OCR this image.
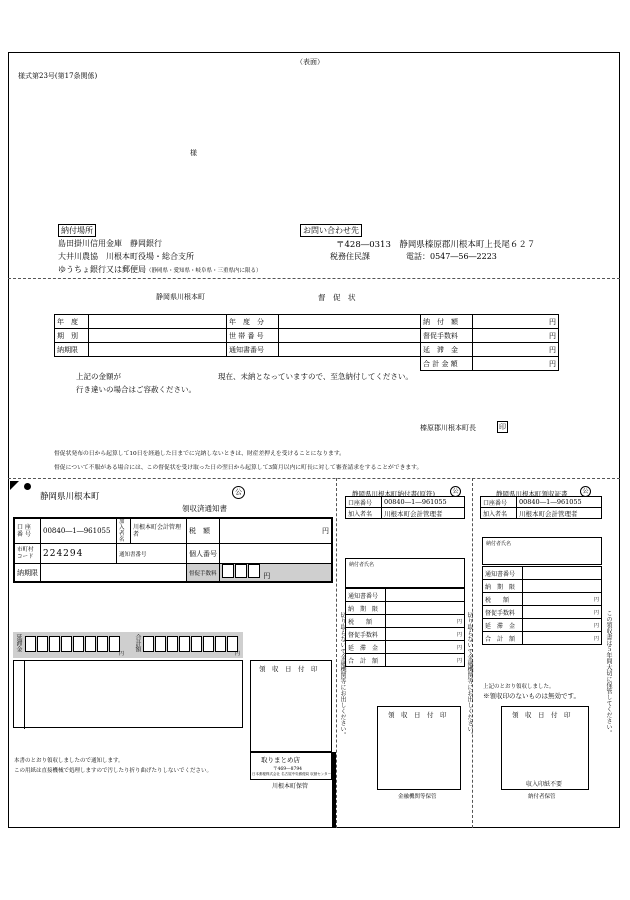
（表面）
様式第23号(第17条関係)
様
納付場所
島田掛川信用金庫　静岡銀行
大井川農協　川根本町役場・総合支所
ゆうちょ銀行又は郵便局（静岡県・愛知県・岐阜県・三重県内に限る）
お問い合わせ先
〒428―0313　静岡県榛原郡川根本町上長尾６２７
税務住民課	電話：0547―56―2223
静岡県川根本町	督　促　状
年　度		年　度　分		納　付　額	円
期　別		世 帯 番 号		督促手数料	円
納期限		通知書番号		延　滞　金	円
				合 計 金 額	円
上記の金額が	現在、未納となっていますので、至急納付してください。
行き違いの場合はご容赦ください。
榛原郡川根本町長	印
督促状発布の日から起算して10日を経過した日までに完納しないときは、財産差押えを受けることになります。
督促について不服がある場合には、この督促状を受け取った日の翌日から起算して3箇月以内に町長に対して審査請求をすることができます。
静岡県川根本町	公
領収済通知書
口 座 番 号	00840―1―961055	加 入 者 名	川根本町会計管理者	税　額	円
市町村コード	224294	通知書番号		個人番号	
納期限				督促手数料	円
延滞金
円
合計額
円
領　収　日　付　印
取りまとめ店
〒469―8794
日本郵便株式会社 名古屋中央郵便局 収納センター
川根本町保管
本書のとおり領収しましたので通知します。
この用紙は直接機械で処理しますので汚したり折り曲げたりしないでください。
切り取らないで金融機関等にお出しください。	切り取らないで金融機関等にお出しください。
静岡県川根本町納付書(原符)	公
口座番号	00840―1―961055
加入者名	川根本町会計管理者
納付者氏名
通知書番号	
納　期　限	
税　　額	円
督促手数料	円
延　滞　金	円
合　計　額	円
領　収　日　付　印
金融機関等保管
静岡県川根本町領収証書	公
口座番号	00840―1―961055
加入者名	川根本町会計管理者
納付者氏名
通知書番号	
納　期　限	
税　　額	円
督促手数料	円
延　滞　金	円
合　計　額	円
上記のとおり領収しました。
※領収印のないものは無効です。
領　収　日　付　印
収入印紙不要
納付者保管
この領収書は５年間大切に保管してください。
